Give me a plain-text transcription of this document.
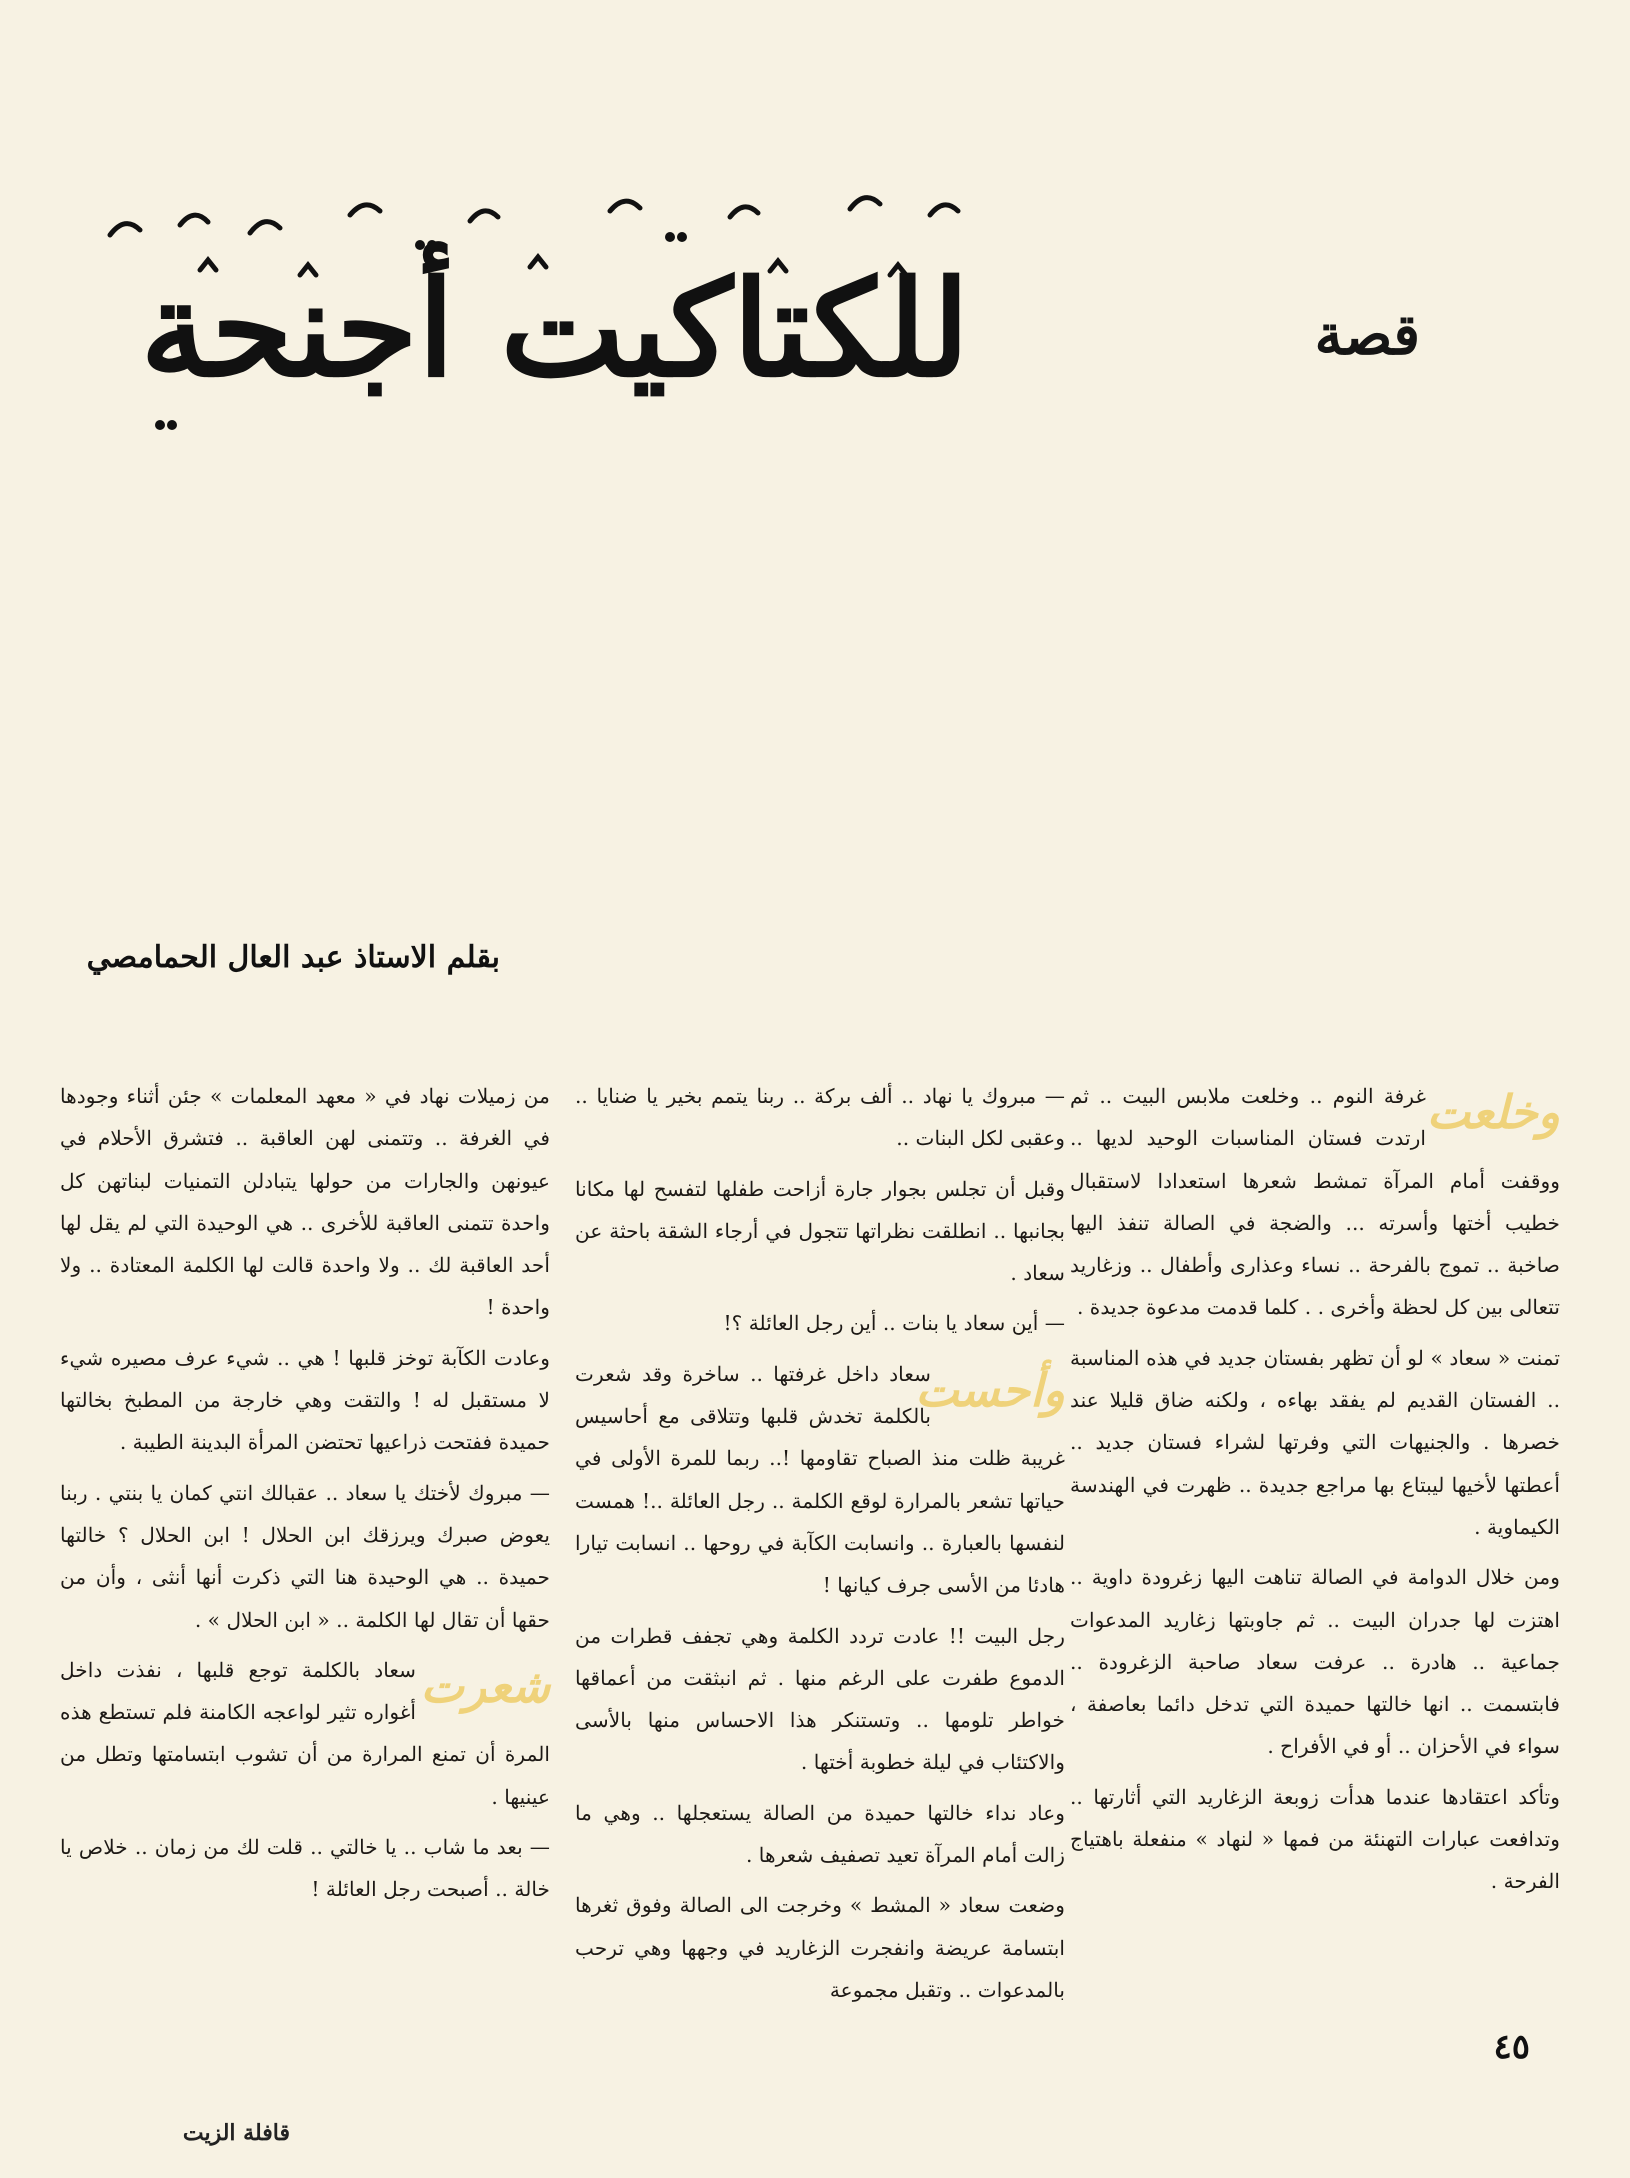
للكتاكيت أجنحة	قصة
بقلم الاستاذ عبد العال الحمامصي
وخلعت

غرفة النوم .. وخلعت ملابس البيت .. ثم ارتدت فستان المناسبات الوحيد لديها .. ووقفت أمام المرآة تمشط شعرها استعدادا لاستقبال خطيب أختها وأسرته ... والضجة في الصالة تنفذ اليها صاخبة .. تموج بالفرحة .. نساء وعذارى وأطفال .. وزغاريد تتعالى بين كل لحظة وأخرى . . كلما قدمت مدعوة جديدة .

تمنت « سعاد » لو أن تظهر بفستان جديد في هذه المناسبة .. الفستان القديم لم يفقد بهاءه ، ولكنه ضاق قليلا عند خصرها . والجنيهات التي وفرتها لشراء فستان جديد .. أعطتها لأخيها ليبتاع بها مراجع جديدة .. ظهرت في الهندسة الكيماوية .

ومن خلال الدوامة في الصالة تناهت اليها زغرودة داوية .. اهتزت لها جدران البيت .. ثم جاوبتها زغاريد المدعوات جماعية .. هادرة .. عرفت سعاد صاحبة الزغرودة .. فابتسمت .. انها خالتها حميدة التي تدخل دائما بعاصفة ، سواء في الأحزان .. أو في الأفراح .

وتأكد اعتقادها عندما هدأت زوبعة الزغاريد التي أثارتها .. وتدافعت عبارات التهنئة من فمها « لنهاد » منفعلة باهتياج الفرحة .

— مبروك يا نهاد .. ألف بركة .. ربنا يتمم بخير يا ضنايا .. وعقبى لكل البنات ..

وقبل أن تجلس بجوار جارة أزاحت طفلها لتفسح لها مكانا بجانبها .. انطلقت نظراتها تتجول في أرجاء الشقة باحثة عن سعاد .

— أين سعاد يا بنات .. أين رجل العائلة ؟!

وأحست

سعاد داخل غرفتها .. ساخرة وقد شعرت بالكلمة تخدش قلبها وتتلاقى مع أحاسيس غريبة ظلت منذ الصباح تقاومها !.. ربما للمرة الأولى في حياتها تشعر بالمرارة لوقع الكلمة .. رجل العائلة ..! همست لنفسها بالعبارة .. وانسابت الكآبة في روحها .. انسابت تيارا هادئا من الأسى جرف كيانها !

رجل البيت !! عادت تردد الكلمة وهي تجفف قطرات من الدموع طفرت على الرغم منها . ثم انبثقت من أعماقها خواطر تلومها .. وتستنكر هذا الاحساس منها بالأسى والاكتئاب في ليلة خطوبة أختها .

وعاد نداء خالتها حميدة من الصالة يستعجلها .. وهي ما زالت أمام المرآة تعيد تصفيف شعرها .

وضعت سعاد « المشط » وخرجت الى الصالة وفوق ثغرها ابتسامة عريضة وانفجرت الزغاريد في وجهها وهي ترحب بالمدعوات .. وتقبل مجموعة

من زميلات نهاد في « معهد المعلمات » جئن أثناء وجودها في الغرفة .. وتتمنى لهن العاقبة .. فتشرق الأحلام في عيونهن والجارات من حولها يتبادلن التمنيات لبناتهن كل واحدة تتمنى العاقبة للأخرى .. هي الوحيدة التي لم يقل لها أحد العاقبة لك .. ولا واحدة قالت لها الكلمة المعتادة .. ولا واحدة !

وعادت الكآبة توخز قلبها ! هي .. شيء عرف مصيره شيء لا مستقبل له ! والتقت وهي خارجة من المطبخ بخالتها حميدة ففتحت ذراعيها تحتضن المرأة البدينة الطيبة .

— مبروك لأختك يا سعاد .. عقبالك انتي كمان يا بنتي . ربنا يعوض صبرك ويرزقك ابن الحلال ! ابن الحلال ؟ خالتها حميدة .. هي الوحيدة هنا التي ذكرت أنها أنثى ، وأن من حقها أن تقال لها الكلمة .. « ابن الحلال » .

شعرت

سعاد بالكلمة توجع قلبها ، نفذت داخل أغواره تثير لواعجه الكامنة فلم تستطع هذه المرة أن تمنع المرارة من أن تشوب ابتسامتها وتطل من عينيها .

— بعد ما شاب .. يا خالتي .. قلت لك من زمان .. خلاص يا خالة .. أصبحت رجل العائلة !

٤٥
قافلة الزيت
